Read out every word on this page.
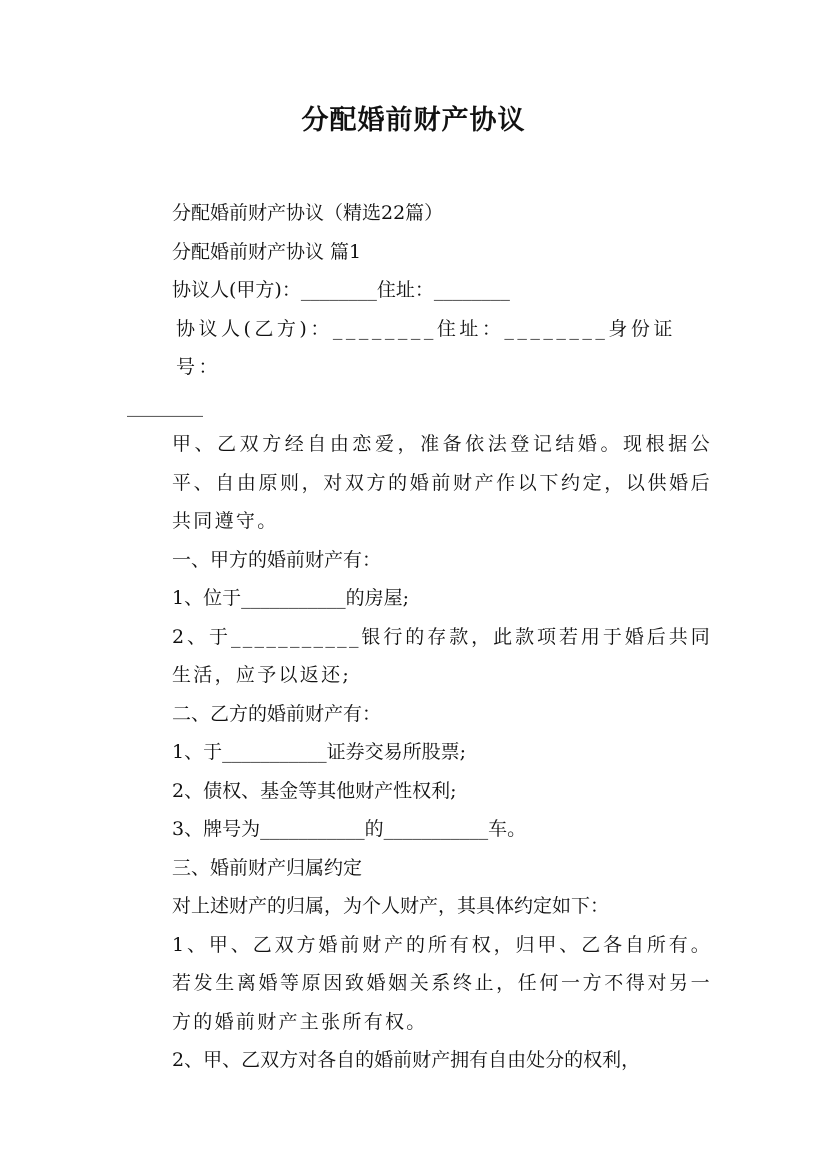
分配婚前财产协议

分配婚前财产协议（精选22篇）

分配婚前财产协议 篇1

协议人(甲方)：________住址：________

协议人(乙方)：________住址：________身份证号：

________

甲、乙双方经自由恋爱，准备依法登记结婚。现根据公平、自由原则，对双方的婚前财产作以下约定，以供婚后共同遵守。

一、甲方的婚前财产有：

1、位于___________的房屋;

2、于___________银行的存款，此款项若用于婚后共同生活，应予以返还;

二、乙方的婚前财产有：

1、于___________证券交易所股票;

2、债权、基金等其他财产性权利;

3、牌号为___________的___________车。

三、婚前财产归属约定

对上述财产的归属，为个人财产，其具体约定如下：

1、甲、乙双方婚前财产的所有权，归甲、乙各自所有。若发生离婚等原因致婚姻关系终止，任何一方不得对另一方的婚前财产主张所有权。

2、甲、乙双方对各自的婚前财产拥有自由处分的权利，
